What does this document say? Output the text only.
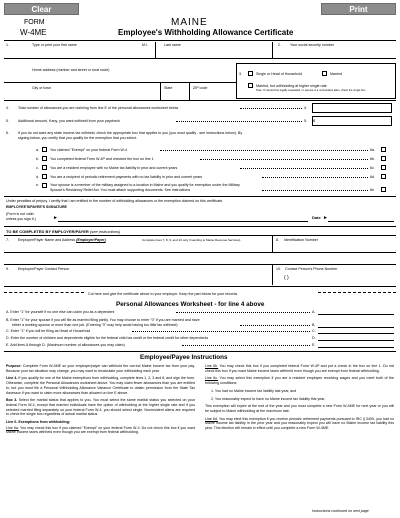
Clear	Print
FORM
W-4ME
MAINE
Employee's Withholding Allowance Certificate
1.	Type or print your first name	M.I.	Last name	2.	Your social security number
Home address (number and street or rural route)
City or town	State	ZIP code
3.	Single or Head of Household	Married
Married, but withholding at higher single rate
Note: If married but legally separated, or spouse is a nonresident alien, check the single box
4.	Total number of allowances you are claiming from line E of the personal allowances worksheet below	4.
5.	Additional amount, if any, you want withheld from your paycheck	5. $
6.	If you do not want any state income tax withheld, check the appropriate box that applies to you (you must qualify - see instructions below). By
signing below, you certify that you qualify for the exemption that you select.
a.	You claimed "Exempt" on your federal Form W-4	6a.
b.	You completed federal Form W-4P and checked the box on line 1	6b.
c.	You are a resident employee with no Maine tax liability in prior and current years	6c.
d.	You are a recipient of periodic retirement payments with no tax liability in prior and current years	6d.
e.	Your spouse is a member of the military assigned to a location in Maine and you qualify for exemption under the Military
Spouse's Residency Relief Act. You must attach supporting documents. See instructions	6e.
Under penalties of perjury, I certify that I am entitled to the number of withholding allowances or the exemption claimed on this certificate.
EMPLOYEE'S/PAYEE'S SIGNATURE
(Form is not valid
unless you sign it.)	►	Date ►
TO BE COMPLETED BY EMPLOYER/PAYER (see instructions)
7.	Employer/Payer Name and Address (Employer/Payer)	Complete lines 7, 8, 9, and 10 only if sending to Maine Revenue Services)	8. Identification Number
9.	Employer/Payer Contact Person	10. Contact Person's Phone Number
( )
Cut here and give the certificate above to your employer. Keep the part below for your records.
Personal Allowances Worksheet - for line 4 above
A. Enter "1" for yourself if no one else can claim you as a dependent	A.
B. Enter "1" for your spouse if you will file as married filing jointly. You may choose to enter "0" if you are married and have
either a working spouse or more than one job. (Entering "0" may help avoid having too little tax withheld)	B.
C. Enter "1" if you will be filing as Head of Household	C.
D. Enter the number of children and dependents eligible for the federal child tax credit or the federal credit for other dependents	D.
E. Add lines A through D. (Maximum number of allowances you may claim)	E.
Employee/Payee Instructions

Purpose: Complete Form W-4ME so your employer/payer can withhold the correct Maine income tax from your pay. Because your tax situation may change, you may want to recalculate your withholding each year.

Line 4. If you qualify for one of the Maine exemptions from withholding, complete lines 1, 2, 3 and 6, and sign the form. Otherwise, complete the Personal Allowances worksheet above. You may claim fewer allowances than you are entitled to, but you must file a Personal Withholding Allowance Variance Certificate to obtain permission from the State Tax Assessor if you want to claim more allowances than allowed on line E above.

Box 3. Select the marital status that applies to you. You must select the same marital status you selected on your federal Form W-4, except that married individuals have the option of withholding at the higher single rate and if you selected married filing separately on your federal Form W-4, you should select single. Nonresident aliens are required to check the single box regardless of actual marital status.

Line 6. Exemptions from withholding:

Line 6a. You may check this box if you claimed "Exempt" on your federal Form W-4. Do not check this box if you want Maine income taxes withheld even though you are exempt from federal withholding.

Line 6b. You may check this box if you completed federal Form W-4P and put a check in the box on line 1. Do not check this box if you want Maine income taxes withheld even though you are exempt from federal withholding.

Line 6c. You may select this exemption if you are a resident employee receiving wages and you meet both of the following conditions:

1. You had no Maine income tax liability last year, and

2. You reasonably expect to have no Maine income tax liability this year.

This exemption will expire at the end of the year and you must complete a new Form W-4ME for next year or you will be subject to Maine withholding at the maximum rate.

Line 6d. You may elect this exemption if you receive periodic retirement payments pursuant to IRC § 3405, you had no Maine income tax liability in the prior year and you reasonably expect you will have no Maine income tax liability this year. This election will remain in effect until you complete a new Form W-4ME.

Instructions continued on next page
